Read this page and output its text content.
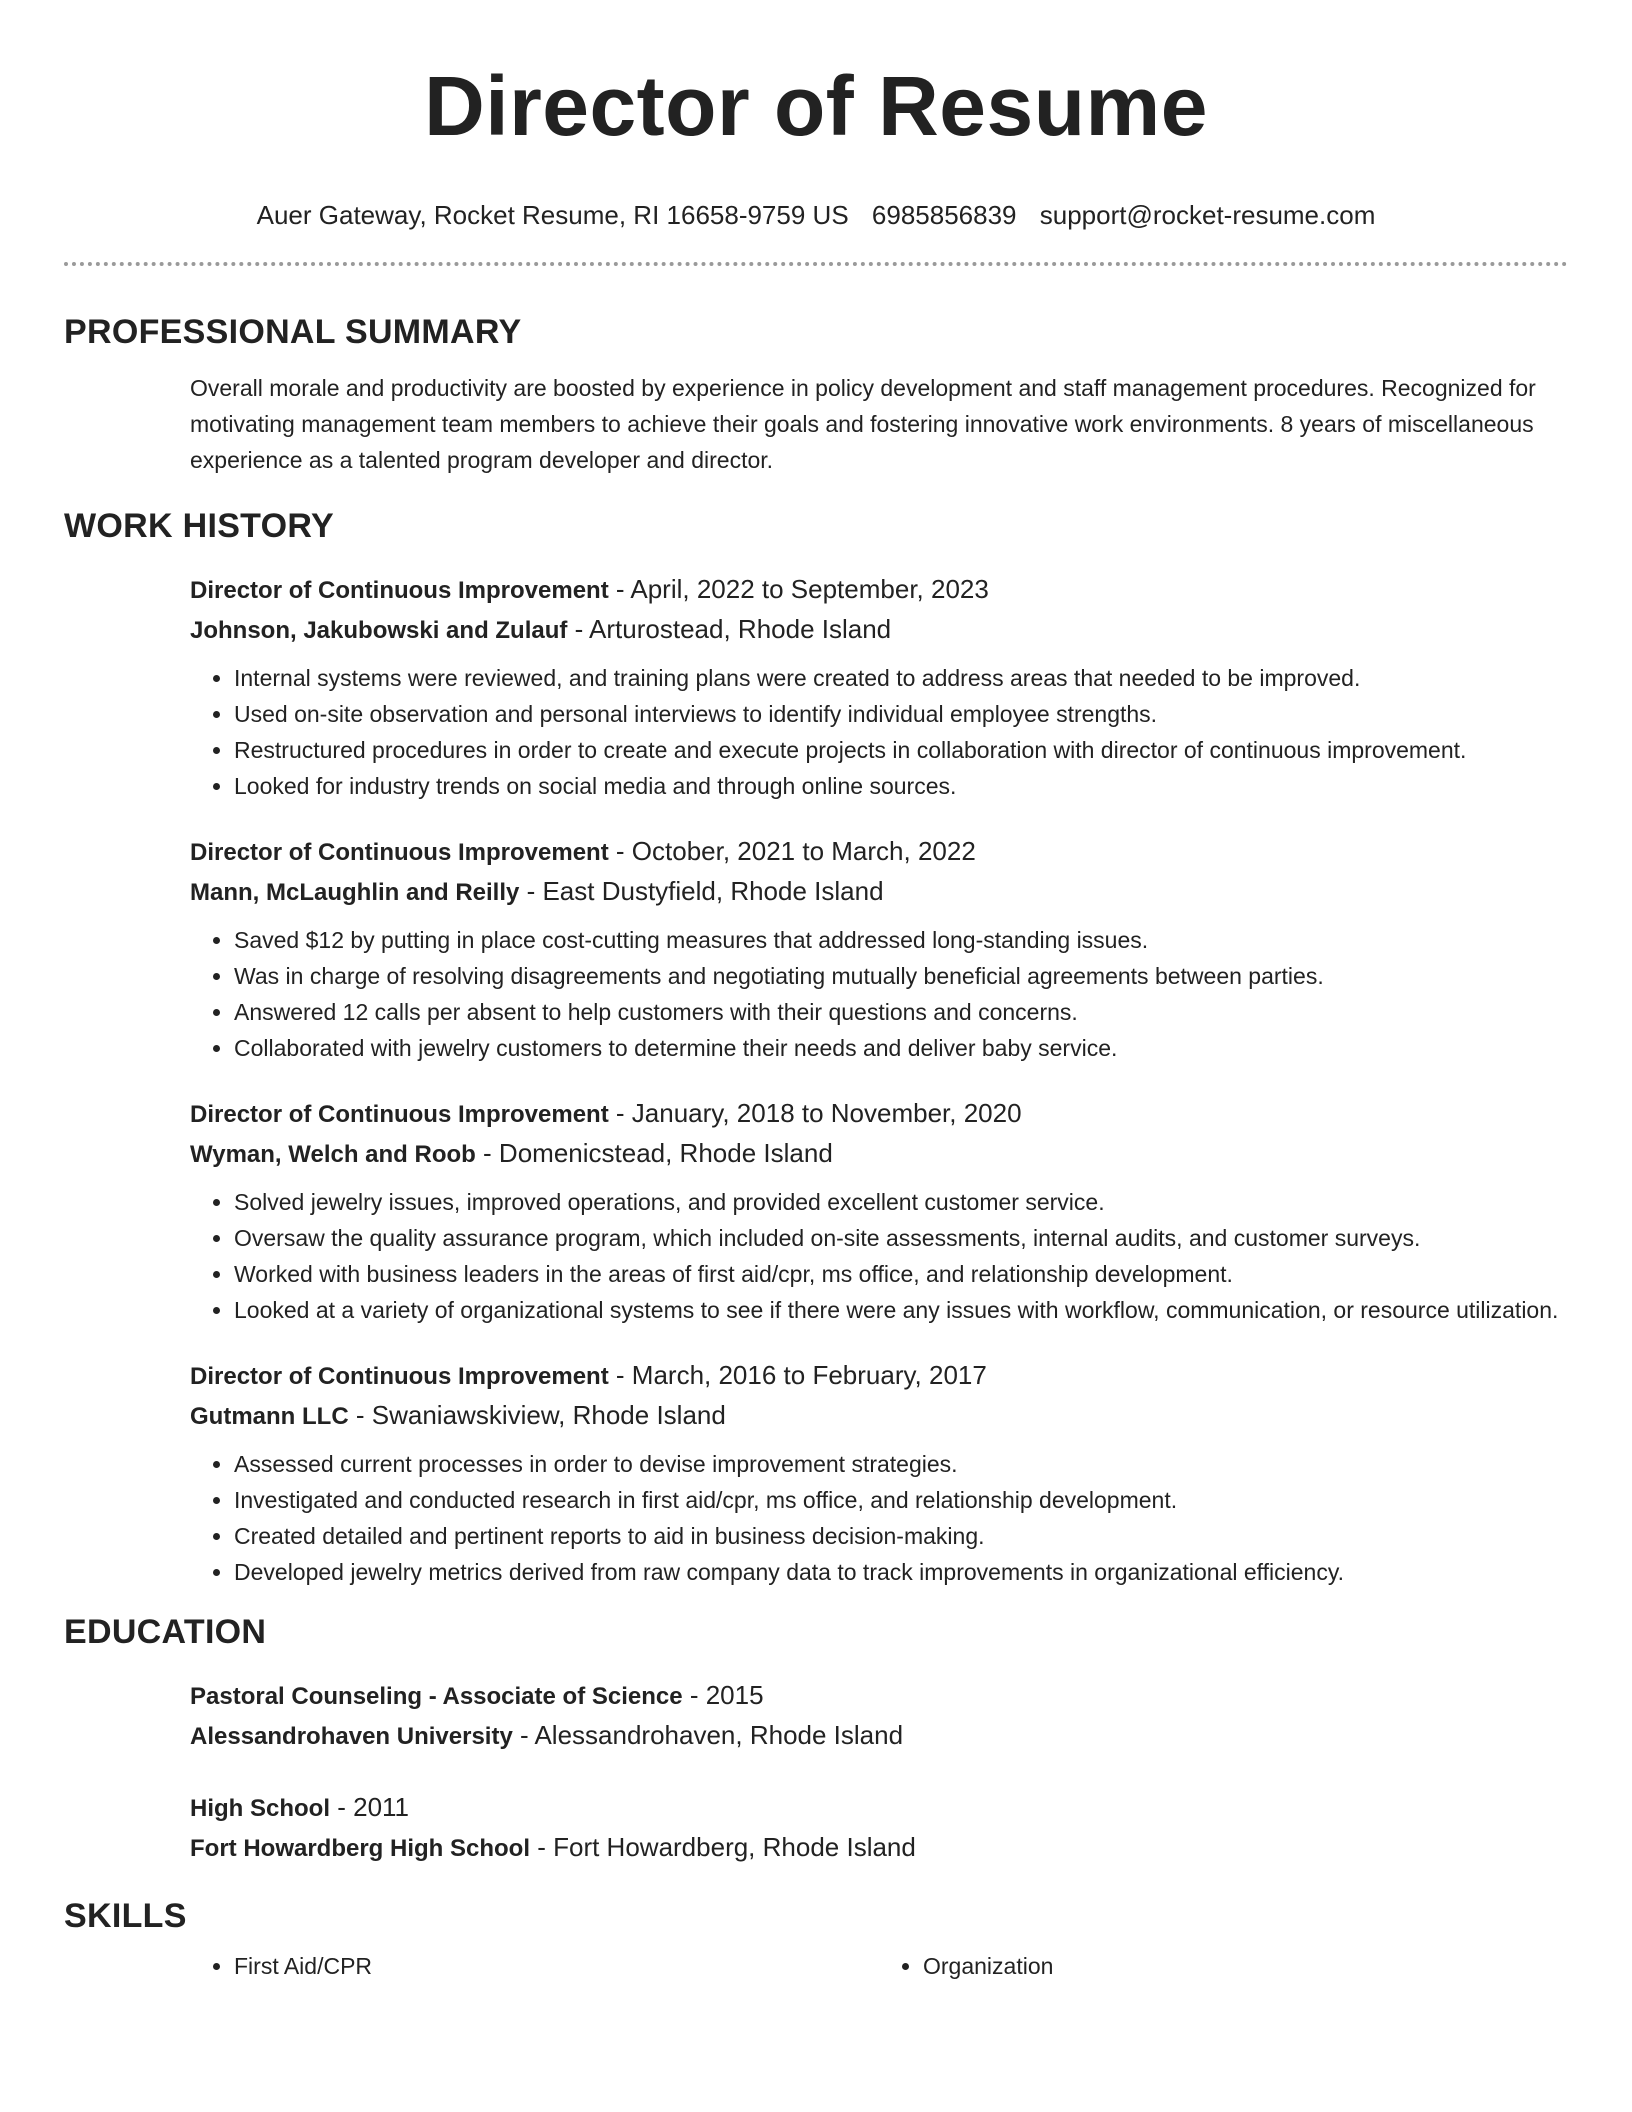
Director of Resume
Auer Gateway, Rocket Resume, RI 16658-9759 US 6985856839 support@rocket-resume.com
PROFESSIONAL SUMMARY
Overall morale and productivity are boosted by experience in policy development and staff management procedures. Recognized for motivating management team members to achieve their goals and fostering innovative work environments. 8 years of miscellaneous experience as a talented program developer and director.
WORK HISTORY
Director of Continuous Improvement - April, 2022 to September, 2023
Johnson, Jakubowski and Zulauf - Arturostead, Rhode Island
• Internal systems were reviewed, and training plans were created to address areas that needed to be improved.
• Used on-site observation and personal interviews to identify individual employee strengths.
• Restructured procedures in order to create and execute projects in collaboration with director of continuous improvement.
• Looked for industry trends on social media and through online sources.
Director of Continuous Improvement - October, 2021 to March, 2022
Mann, McLaughlin and Reilly - East Dustyfield, Rhode Island
• Saved $12 by putting in place cost-cutting measures that addressed long-standing issues.
• Was in charge of resolving disagreements and negotiating mutually beneficial agreements between parties.
• Answered 12 calls per absent to help customers with their questions and concerns.
• Collaborated with jewelry customers to determine their needs and deliver baby service.
Director of Continuous Improvement - January, 2018 to November, 2020
Wyman, Welch and Roob - Domenicstead, Rhode Island
• Solved jewelry issues, improved operations, and provided excellent customer service.
• Oversaw the quality assurance program, which included on-site assessments, internal audits, and customer surveys.
• Worked with business leaders in the areas of first aid/cpr, ms office, and relationship development.
• Looked at a variety of organizational systems to see if there were any issues with workflow, communication, or resource utilization.
Director of Continuous Improvement - March, 2016 to February, 2017
Gutmann LLC - Swaniawskiview, Rhode Island
• Assessed current processes in order to devise improvement strategies.
• Investigated and conducted research in first aid/cpr, ms office, and relationship development.
• Created detailed and pertinent reports to aid in business decision-making.
• Developed jewelry metrics derived from raw company data to track improvements in organizational efficiency.
EDUCATION
Pastoral Counseling - Associate of Science - 2015
Alessandrohaven University - Alessandrohaven, Rhode Island
High School - 2011
Fort Howardberg High School - Fort Howardberg, Rhode Island
SKILLS
• First Aid/CPR
•	Organization
